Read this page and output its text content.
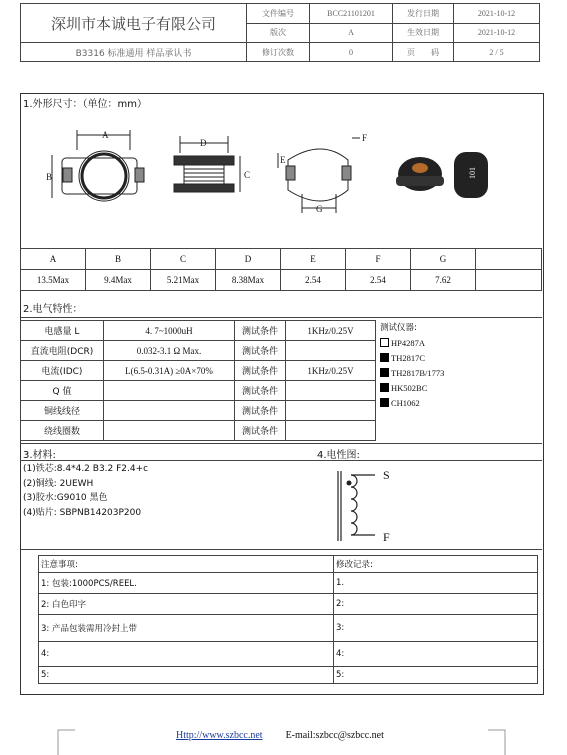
深圳市本诚电子有限公司	文件编号	BCC21101201	发行日期	2021-10-12
	版次	A	生效日期	2021-10-12
B3316 标准通用 样品承认书	修订次数	0	页　　码	2 / 5
1.外形尺寸：（单位：mm）
A
B
D
C
F
E
G
101
A	B	C	D	E	F	G	
13.5Max	9.4Max	5.21Max	8.38Max	2.54	2.54	7.62	
2.电气特性：
电感量 L	4. 7~1000uH	测试条件	1KHz/0.25V
直流电阻(DCR)	0.032-3.1 Ω Max.	测试条件	
电流(IDC)	L(6.5-0.31A) ≥0A×70%	测试条件	1KHz/0.25V
Q 值		测试条件	
铜线线径		测试条件	
绕线圈数		测试条件	
测试仪器:
HP4287A
TH2817C
TH2817B/1773
HK502BC
CH1062
3.材料:	4.电性图:
(1)铁芯:8.4*4.2 B3.2 F2.4+c
(2)铜线: 2UEWH
(3)胶水:G9010 黑色
(4)贴片: SBPNB14203P200
S
F
注意事项:	修改记录:
1: 包装:1000PCS/REEL.	1.
2: 白色印字	2:
3: 产品包装需用冷封上带	3:
4:	4:
5:	5:
Http://www.szbcc.net E-mail:szbcc@szbcc.net
